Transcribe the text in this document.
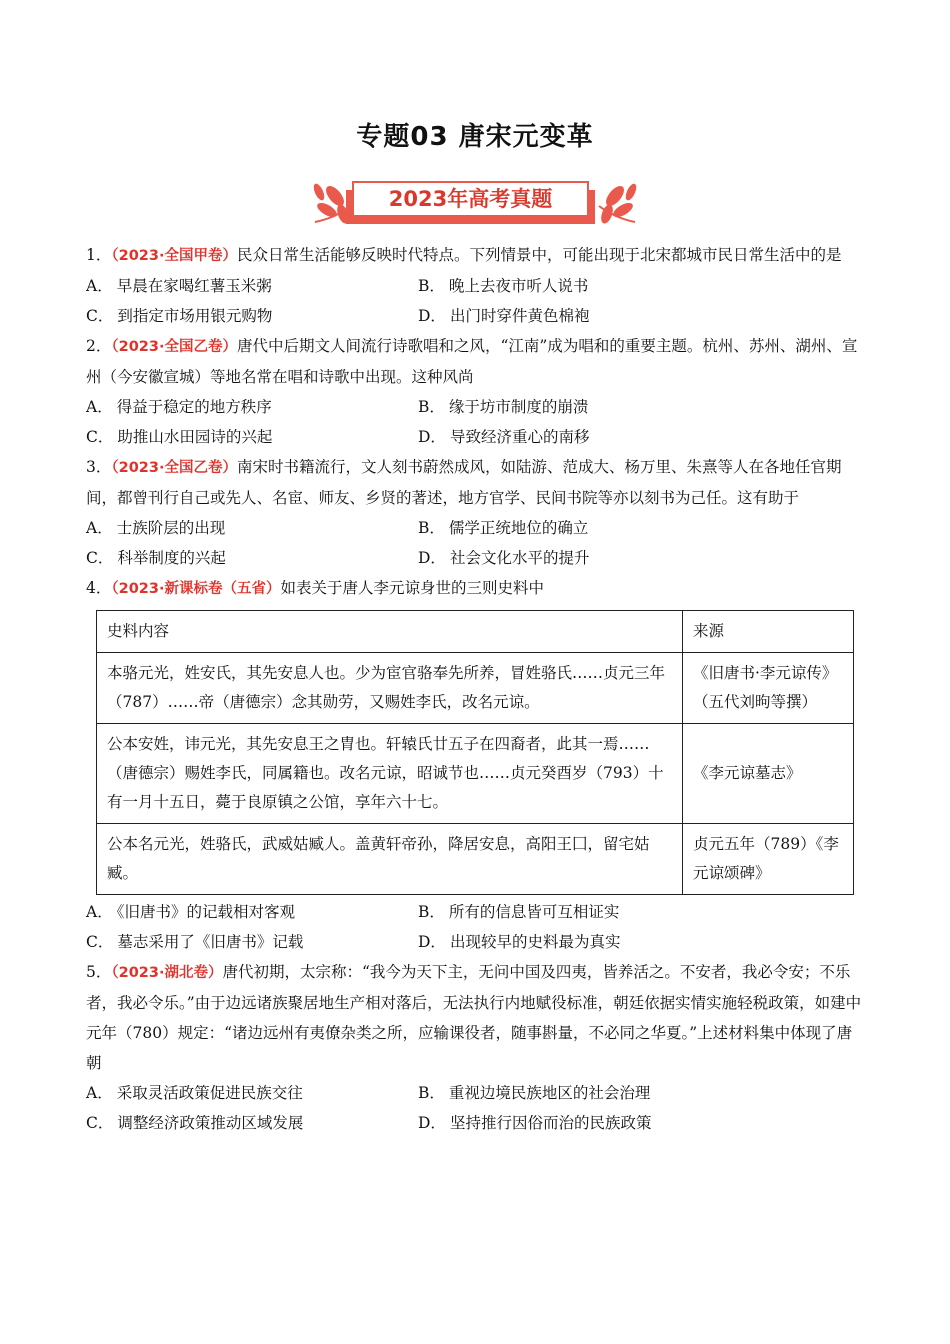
专题03 唐宋元变革
2023年高考真题

1．（2023·全国甲卷）民众日常生活能够反映时代特点。下列情景中，可能出现于北宋都城市民日常生活中的是

A． 早晨在家喝红薯玉米粥	B． 晚上去夜市听人说书
C． 到指定市场用银元购物	D． 出门时穿件黄色棉袍

2．（2023·全国乙卷）唐代中后期文人间流行诗歌唱和之风，“江南”成为唱和的重要主题。杭州、苏州、湖州、宣州（今安徽宣城）等地名常在唱和诗歌中出现。这种风尚

A． 得益于稳定的地方秩序	B． 缘于坊市制度的崩溃
C． 助推山水田园诗的兴起	D． 导致经济重心的南移

3．（2023·全国乙卷）南宋时书籍流行，文人刻书蔚然成风，如陆游、范成大、杨万里、朱熹等人在各地任官期间，都曾刊行自己或先人、名宦、师友、乡贤的著述，地方官学、民间书院等亦以刻书为己任。这有助于

A． 士族阶层的出现	B． 儒学正统地位的确立
C． 科举制度的兴起	D． 社会文化水平的提升

4．（2023·新课标卷（五省）如表关于唐人李元谅身世的三则史料中

史料内容	来源
本骆元光，姓安氏，其先安息人也。少为宦官骆奉先所养，冒姓骆氏……贞元三年（787）……帝（唐德宗）念其勋劳，又赐姓李氏，改名元谅。	《旧唐书·李元谅传》（五代刘昫等撰）
公本安姓，讳元光，其先安息王之胄也。轩辕氏廿五子在四裔者，此其一焉……（唐德宗）赐姓李氏，同属籍也。改名元谅，昭诚节也……贞元癸酉岁（793）十有一月十五日，薨于良原镇之公馆，享年六十七。	《李元谅墓志》
公本名元光，姓骆氏，武威姑臧人。盖黄轩帝孙，降居安息，高阳王囗，留宅姑臧。	贞元五年（789）《李元谅颂碑》
A． 《旧唐书》的记载相对客观	B． 所有的信息皆可互相证实
C． 墓志采用了《旧唐书》记载	D． 出现较早的史料最为真实

5．（2023·湖北卷）唐代初期，太宗称：“我今为天下主，无问中国及四夷，皆养活之。不安者，我必令安；不乐者，我必令乐。”由于边远诸族聚居地生产相对落后，无法执行内地赋役标准，朝廷依据实情实施轻税政策，如建中元年（780）规定：“诸边远州有夷僚杂类之所，应输课役者，随事斟量，不必同之华夏。”上述材料集中体现了唐朝

A． 采取灵活政策促进民族交往	B． 重视边境民族地区的社会治理
C． 调整经济政策推动区域发展	D． 坚持推行因俗而治的民族政策
